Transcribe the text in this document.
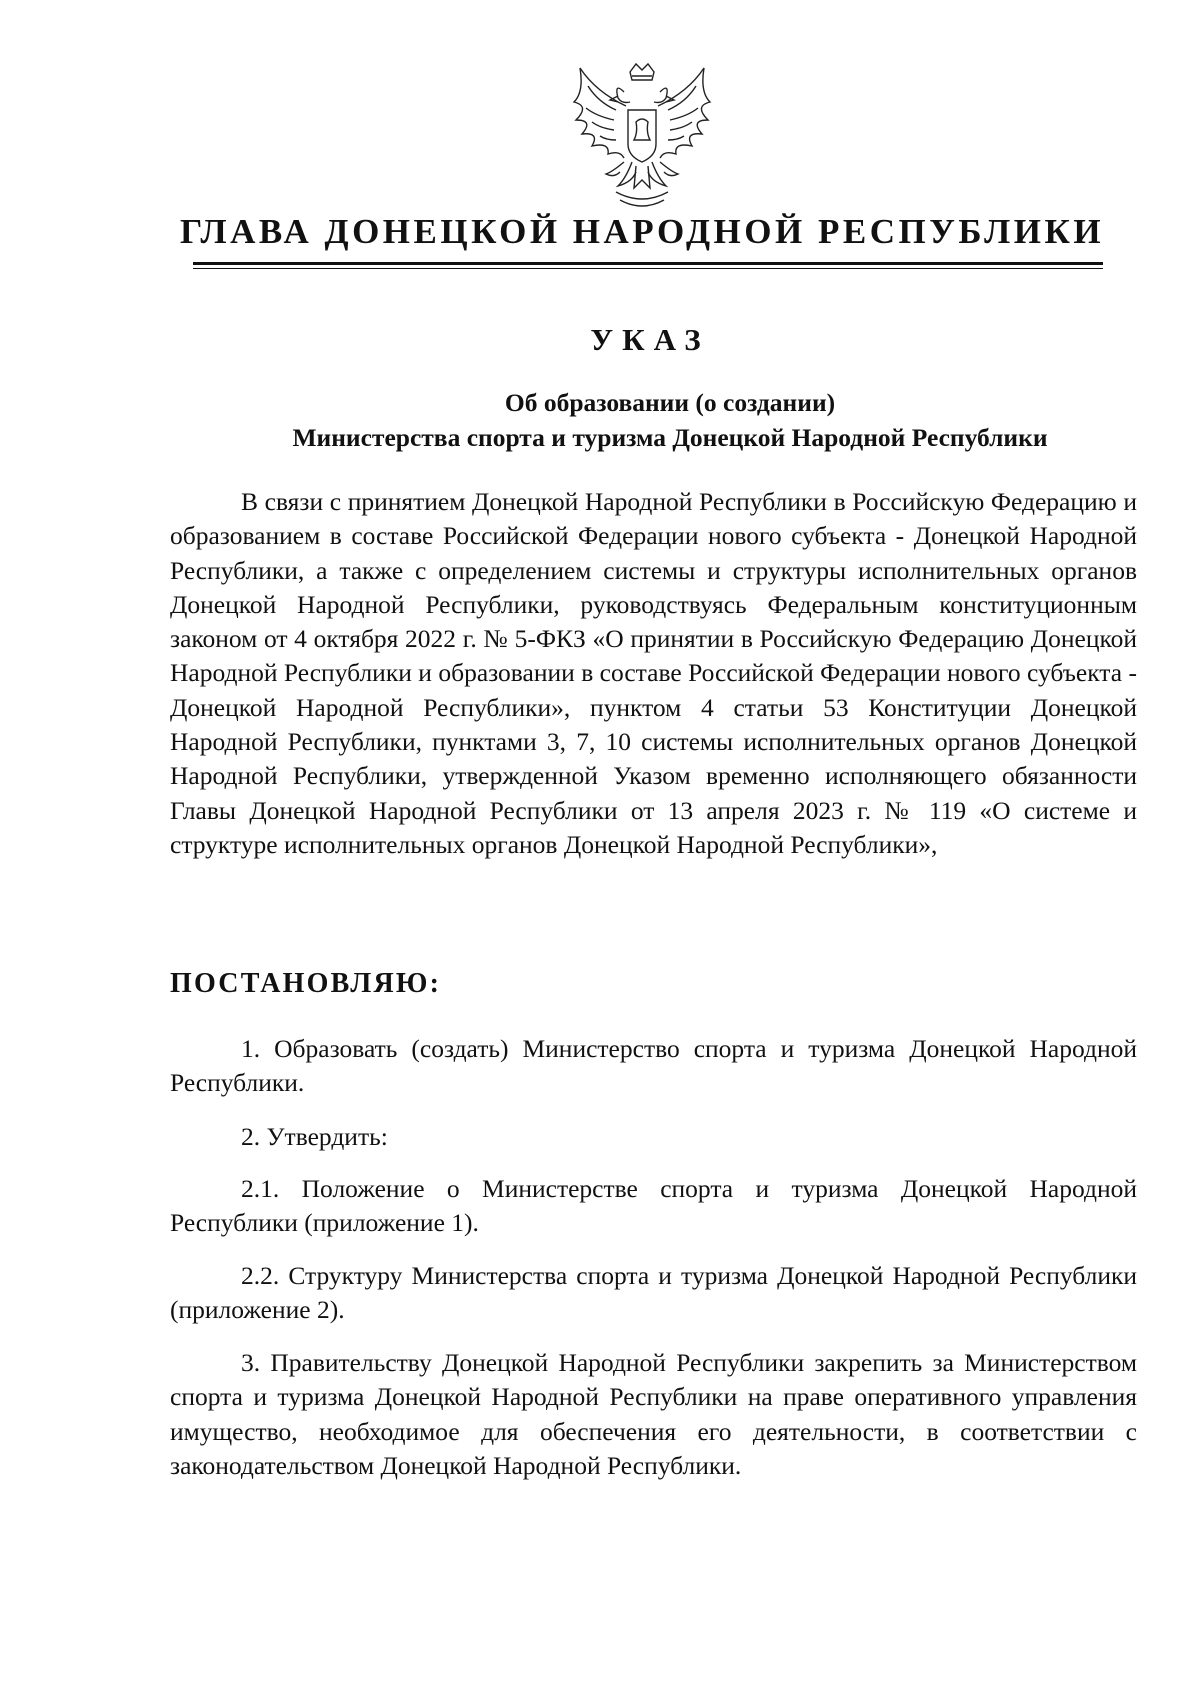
ГЛАВА ДОНЕЦКОЙ НАРОДНОЙ РЕСПУБЛИКИ
УКАЗ
Об образовании (о создании)
Министерства спорта и туризма Донецкой Народной Республики

В связи с принятием Донецкой Народной Республики в Российскую Федерацию и образованием в составе Российской Федерации нового субъекта - Донецкой Народной Республики, а также с определением системы и структуры исполнительных органов Донецкой Народной Республики, руководствуясь Федеральным конституционным законом от 4 октября 2022 г. № 5-ФКЗ «О принятии в Российскую Федерацию Донецкой Народной Республики и образовании в составе Российской Федерации нового субъекта - Донецкой Народной Республики», пунктом 4 статьи 53 Конституции Донецкой Народной Республики, пунктами 3, 7, 10 системы исполнительных органов Донецкой Народной Республики, утвержденной Указом временно исполняющего обязанности Главы Донецкой Народной Республики от 13 апреля 2023 г. № 119 «О системе и структуре исполнительных органов Донецкой Народной Республики»,

ПОСТАНОВЛЯЮ:

1. Образовать (создать) Министерство спорта и туризма Донецкой Народной Республики.

2. Утвердить:

2.1. Положение о Министерстве спорта и туризма Донецкой Народной Республики (приложение 1).

2.2. Структуру Министерства спорта и туризма Донецкой Народной Республики (приложение 2).

3. Правительству Донецкой Народной Республики закрепить за Министерством спорта и туризма Донецкой Народной Республики на праве оперативного управления имущество, необходимое для обеспечения его деятельности, в соответствии с законодательством Донецкой Народной Республики.
